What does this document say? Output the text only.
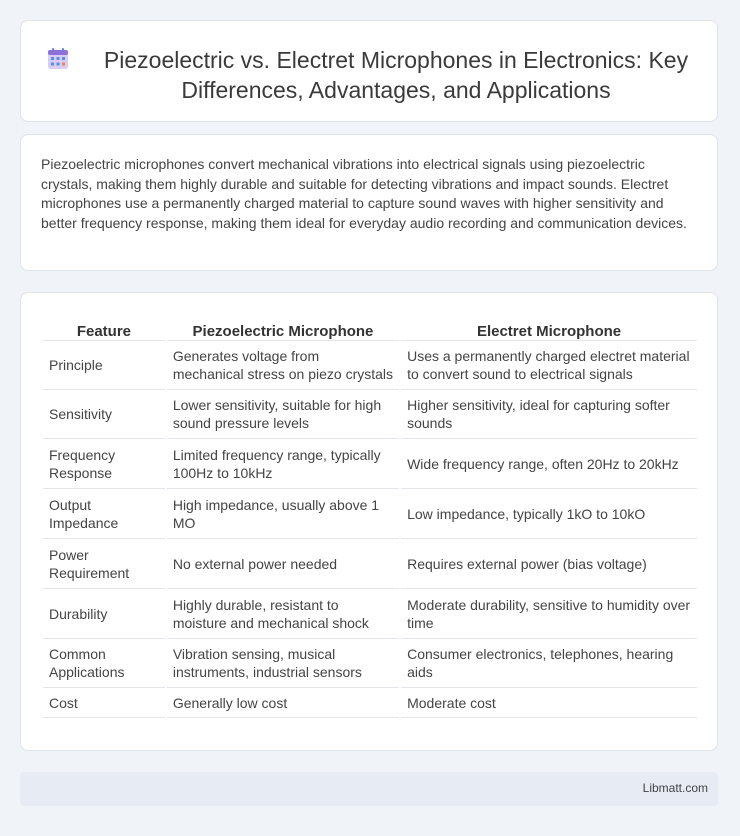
Piezoelectric vs. Electret Microphones in Electronics: Key Differences, Advantages, and Applications

Piezoelectric microphones convert mechanical vibrations into electrical signals using piezoelectric crystals, making them highly durable and suitable for detecting vibrations and impact sounds. Electret microphones use a permanently charged material to capture sound waves with higher sensitivity and better frequency response, making them ideal for everyday audio recording and communication devices.

Feature	Piezoelectric Microphone	Electret Microphone
Principle	Generates voltage from mechanical stress on piezo crystals	Uses a permanently charged electret material to convert sound to electrical signals
Sensitivity	Lower sensitivity, suitable for high sound pressure levels	Higher sensitivity, ideal for capturing softer sounds
Frequency Response	Limited frequency range, typically 100Hz to 10kHz	Wide frequency range, often 20Hz to 20kHz
Output Impedance	High impedance, usually above 1 MO	Low impedance, typically 1kO to 10kO
Power Requirement	No external power needed	Requires external power (bias voltage)
Durability	Highly durable, resistant to moisture and mechanical shock	Moderate durability, sensitive to humidity over time
Common Applications	Vibration sensing, musical instruments, industrial sensors	Consumer electronics, telephones, hearing aids
Cost	Generally low cost	Moderate cost
Libmatt.com
